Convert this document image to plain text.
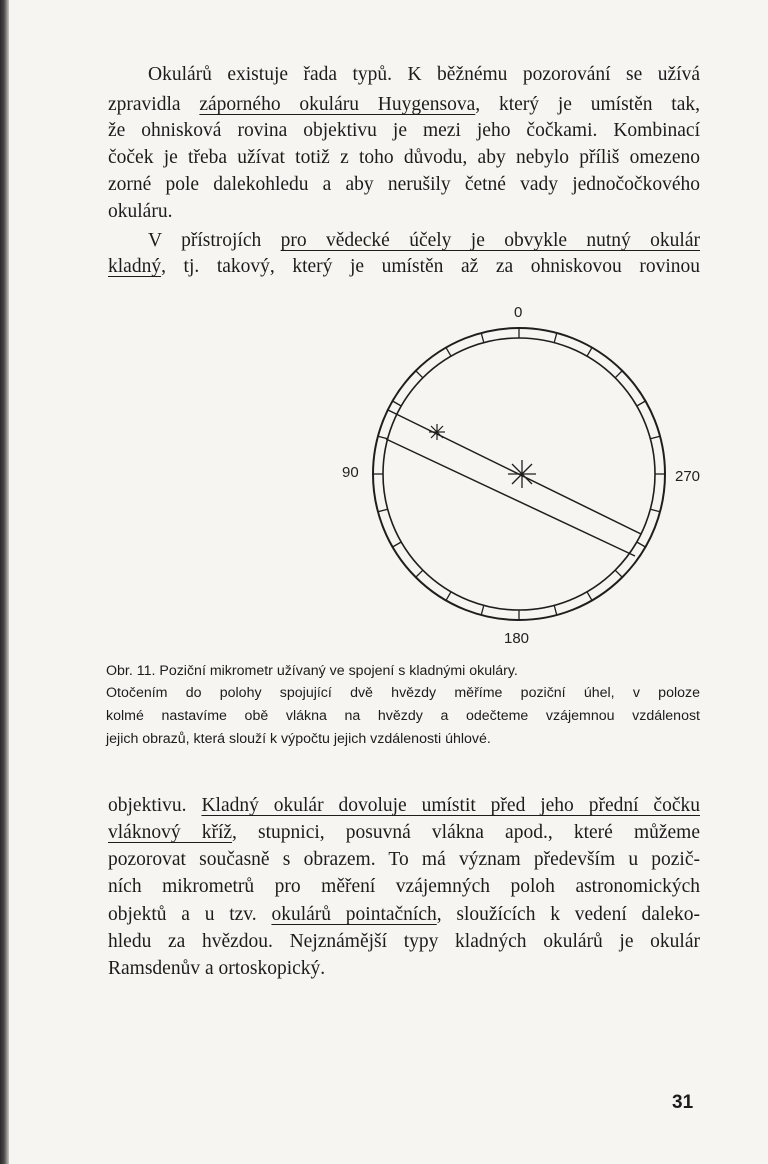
Okulárů existuje řada typů. K běžnému pozorování se užívá
zpravidla záporného okuláru Huygensova, který je umístěn tak,
že ohnisková rovina objektivu je mezi jeho čočkami. Kombinací
čoček je třeba užívat totiž z toho důvodu, aby nebylo příliš omezeno
zorné pole dalekohledu a aby nerušily četné vady jednočočkového
okuláru.
V přístrojích pro vědecké účely je obvykle nutný okulár
kladný, tj. takový, který je umístěn až za ohniskovou rovinou
0
90	270
180
Obr. 11. Poziční mikrometr užívaný ve spojení s kladnými okuláry.
Otočením do polohy spojující dvě hvězdy měříme poziční úhel, v poloze
kolmé nastavíme obě vlákna na hvězdy a odečteme vzájemnou vzdálenost
jejich obrazů, která slouží k výpočtu jejich vzdálenosti úhlové.
objektivu. Kladný okulár dovoluje umístit před jeho přední čočku
vláknový kříž, stupnici, posuvná vlákna apod., které můžeme
pozorovat současně s obrazem. To má význam především u pozič-
ních mikrometrů pro měření vzájemných poloh astronomických
objektů a u tzv. okulárů pointačních, sloužících k vedení daleko-
hledu za hvězdou. Nejznámější typy kladných okulárů je okulár
Ramsdenův a ortoskopický.
31
